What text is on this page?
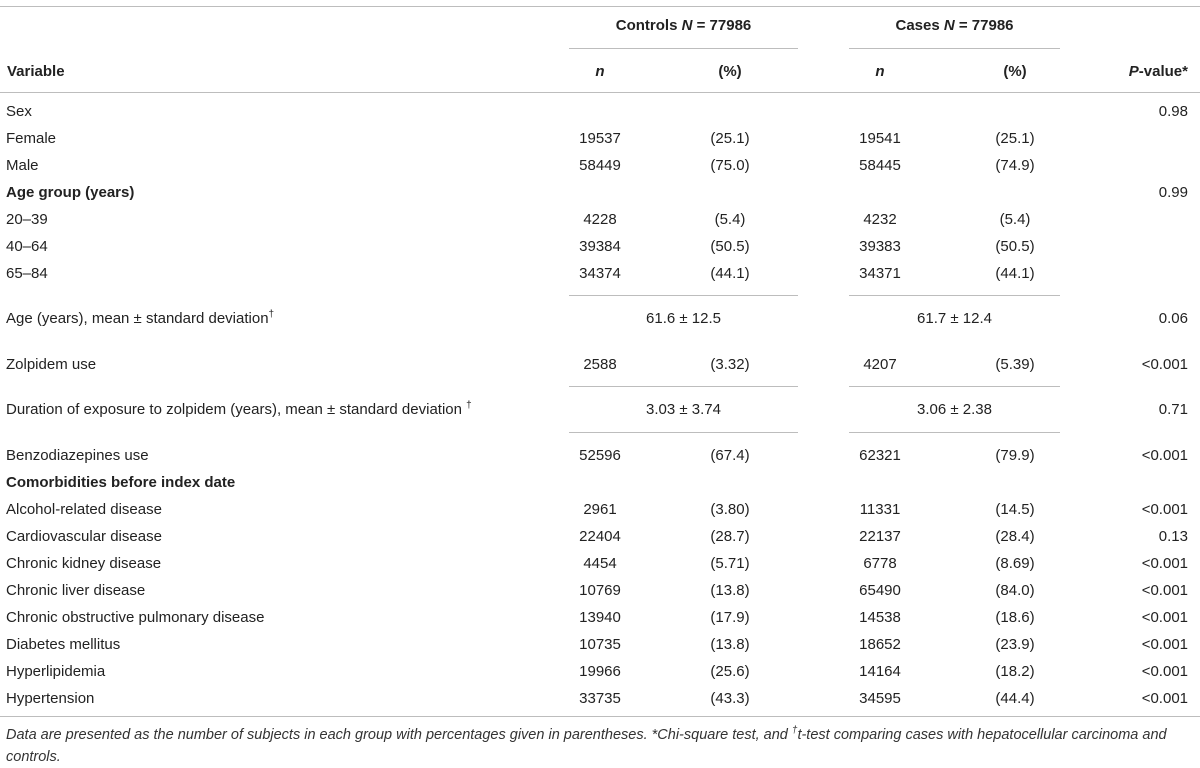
Controls N = 77986	Cases N = 77986
Variable	n	(%)	n	(%)	P-value*
Sex	0.98
Female	19537	(25.1)	19541	(25.1)
Male	58449	(75.0)	58445	(74.9)
Age group (years)	0.99
20–39	4228	(5.4)	4232	(5.4)
40–64	39384	(50.5)	39383	(50.5)
65–84	34374	(44.1)	34371	(44.1)
Age (years), mean ± standard deviation†	61.6 ± 12.5	61.7 ± 12.4	0.06
Zolpidem use	2588	(3.32)	4207	(5.39)	<0.001
Duration of exposure to zolpidem (years), mean ± standard deviation †	3.03 ± 3.74	3.06 ± 2.38	0.71
Benzodiazepines use	52596	(67.4)	62321	(79.9)	<0.001
Comorbidities before index date
Alcohol-related disease	2961	(3.80)	11331	(14.5)	<0.001
Cardiovascular disease	22404	(28.7)	22137	(28.4)	0.13
Chronic kidney disease	4454	(5.71)	6778	(8.69)	<0.001
Chronic liver disease	10769	(13.8)	65490	(84.0)	<0.001
Chronic obstructive pulmonary disease	13940	(17.9)	14538	(18.6)	<0.001
Diabetes mellitus	10735	(13.8)	18652	(23.9)	<0.001
Hyperlipidemia	19966	(25.6)	14164	(18.2)	<0.001
Hypertension	33735	(43.3)	34595	(44.4)	<0.001
Data are presented as the number of subjects in each group with percentages given in parentheses. *Chi-square test, and †t-test comparing cases with hepatocellular carcinoma and controls.
